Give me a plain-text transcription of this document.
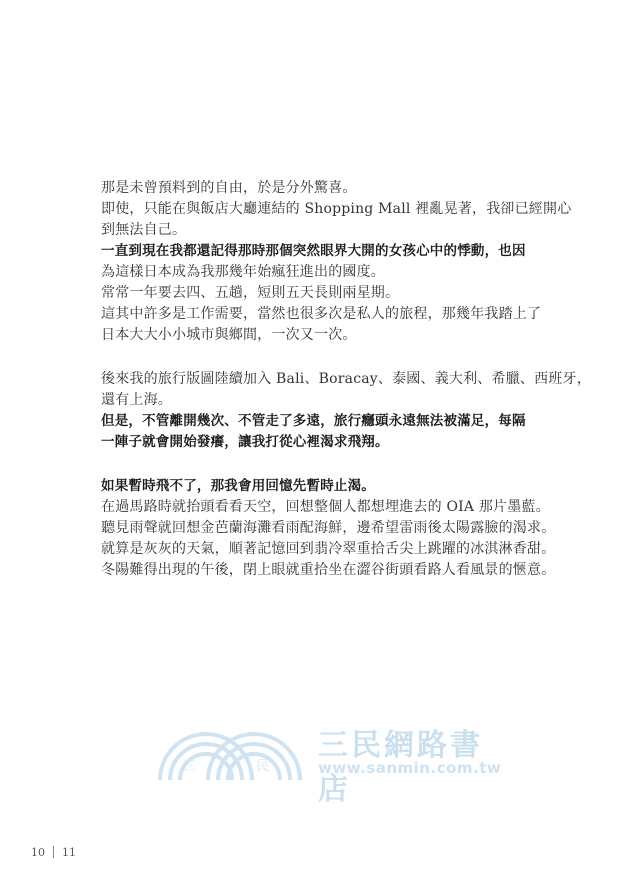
那是未曾預料到的自由，於是分外驚喜。
即使，只能在與飯店大廳連結的 Shopping Mall 裡亂晃著，我卻已經開心
到無法自己。
一直到現在我都還記得那時那個突然眼界大開的女孩心中的悸動，也因
為這樣日本成為我那幾年始瘋狂進出的國度。
常常一年要去四、五趟，短則五天長則兩星期。
這其中許多是工作需要，當然也很多次是私人的旅程，那幾年我踏上了
日本大大小小城市與鄉間，一次又一次。
後來我的旅行版圖陸續加入 Bali、Boracay、泰國、義大利、希臘、西班牙，
還有上海。
但是，不管離開幾次、不管走了多遠，旅行癮頭永遠無法被滿足，每隔
一陣子就會開始發癢，讓我打從心裡渴求飛翔。
如果暫時飛不了，那我會用回憶先暫時止渴。
在過馬路時就抬頭看看天空，回想整個人都想埋進去的 OIA 那片墨藍。
聽見雨聲就回想金芭蘭海灘看雨配海鮮，邊希望雷雨後太陽露臉的渴求。
就算是灰灰的天氣，順著記憶回到翡冷翠重拾舌尖上跳躍的冰淇淋香甜。
冬陽難得出現的午後，閉上眼就重拾坐在澀谷街頭看路人看風景的愜意。
三	民
三民網路書店
www.sanmin.com.tw
10 11
